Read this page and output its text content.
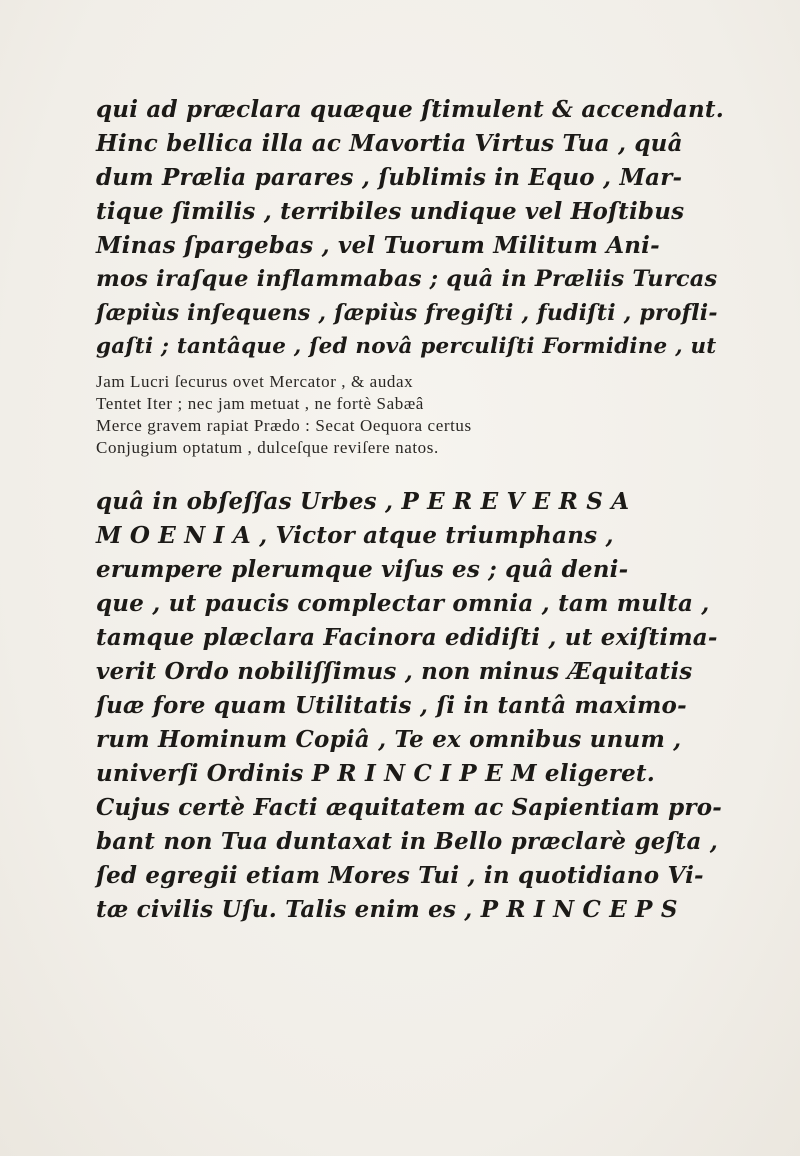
qui ad præclara quæque ſtimulent & accendant.
Hinc bellica illa ac Mavortia Virtus Tua , quâ
dum Prælia parares , ſublimis in Equo , Mar-
tique ſimilis , terribiles undique vel Hoſtibus
Minas ſpargebas , vel Tuorum Militum Ani-
mos iraſque inflammabas ; quâ in Præliis Turcas
ſæpiùs inſequens , ſæpiùs fregiſti , fudiſti , profli-
gaſti ; tantâque , ſed novâ perculiſti Formidine , ut
Jam Lucri ſecurus ovet Mercator , & audax
Tentet Iter ; nec jam metuat , ne fortè Sabæâ
Merce gravem rapiat Prædo : Secat Oequora certus
Conjugium optatum , dulceſque reviſere natos.
quâ in obſeſſas Urbes , P E R E V E R S A
M O E N I A , Victor atque triumphans ,
erumpere plerumque viſus es ; quâ deni-
que , ut paucis complectar omnia , tam multa ,
tamque plæclara Facinora edidiſti , ut exiſtima-
verit Ordo nobiliſſimus , non minus Æquitatis
ſuæ fore quam Utilitatis , ſi in tantâ maximo-
rum Hominum Copiâ , Te ex omnibus unum ,
univerſi Ordinis P R I N C I P E M eligeret.
Cujus certè Facti æquitatem ac Sapientiam pro-
bant non Tua duntaxat in Bello præclarè geſta ,
ſed egregii etiam Mores Tui , in quotidiano Vi-
tæ civilis Uſu. Talis enim es , P R I N C E P S
